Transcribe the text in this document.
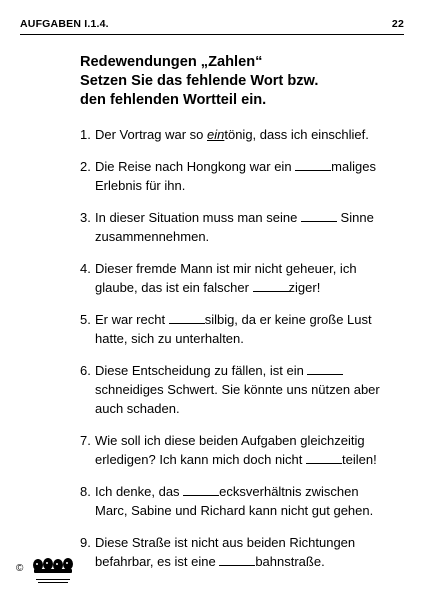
AUFGABEN I.1.4.	22
Redewendungen „Zahlen“
Setzen Sie das fehlende Wort bzw.
den fehlenden Wortteil ein.
1. Der Vortrag war so eintönig, dass ich einschlief.
2. Die Reise nach Hongkong war ein	maliges
Erlebnis für ihn.
3. In dieser Situation muss man seine	Sinne
zusammennehmen.
4. Dieser fremde Mann ist mir nicht geheuer, ich
glaube, das ist ein falscher	ziger!
5. Er war recht	silbig, da er keine große Lust
hatte, sich zu unterhalten.
6. Diese Entscheidung zu fällen, ist ein
schneidiges Schwert. Sie könnte uns nützen aber
auch schaden.
7. Wie soll ich diese beiden Aufgaben gleichzeitig
erledigen? Ich kann mich doch nicht	teilen!
8. Ich denke, das	ecksverhältnis zwischen
Marc, Sabine und Richard kann nicht gut gehen.
9. Diese Straße ist nicht aus beiden Richtungen
befahrbar, es ist eine	bahnstraße.
©
